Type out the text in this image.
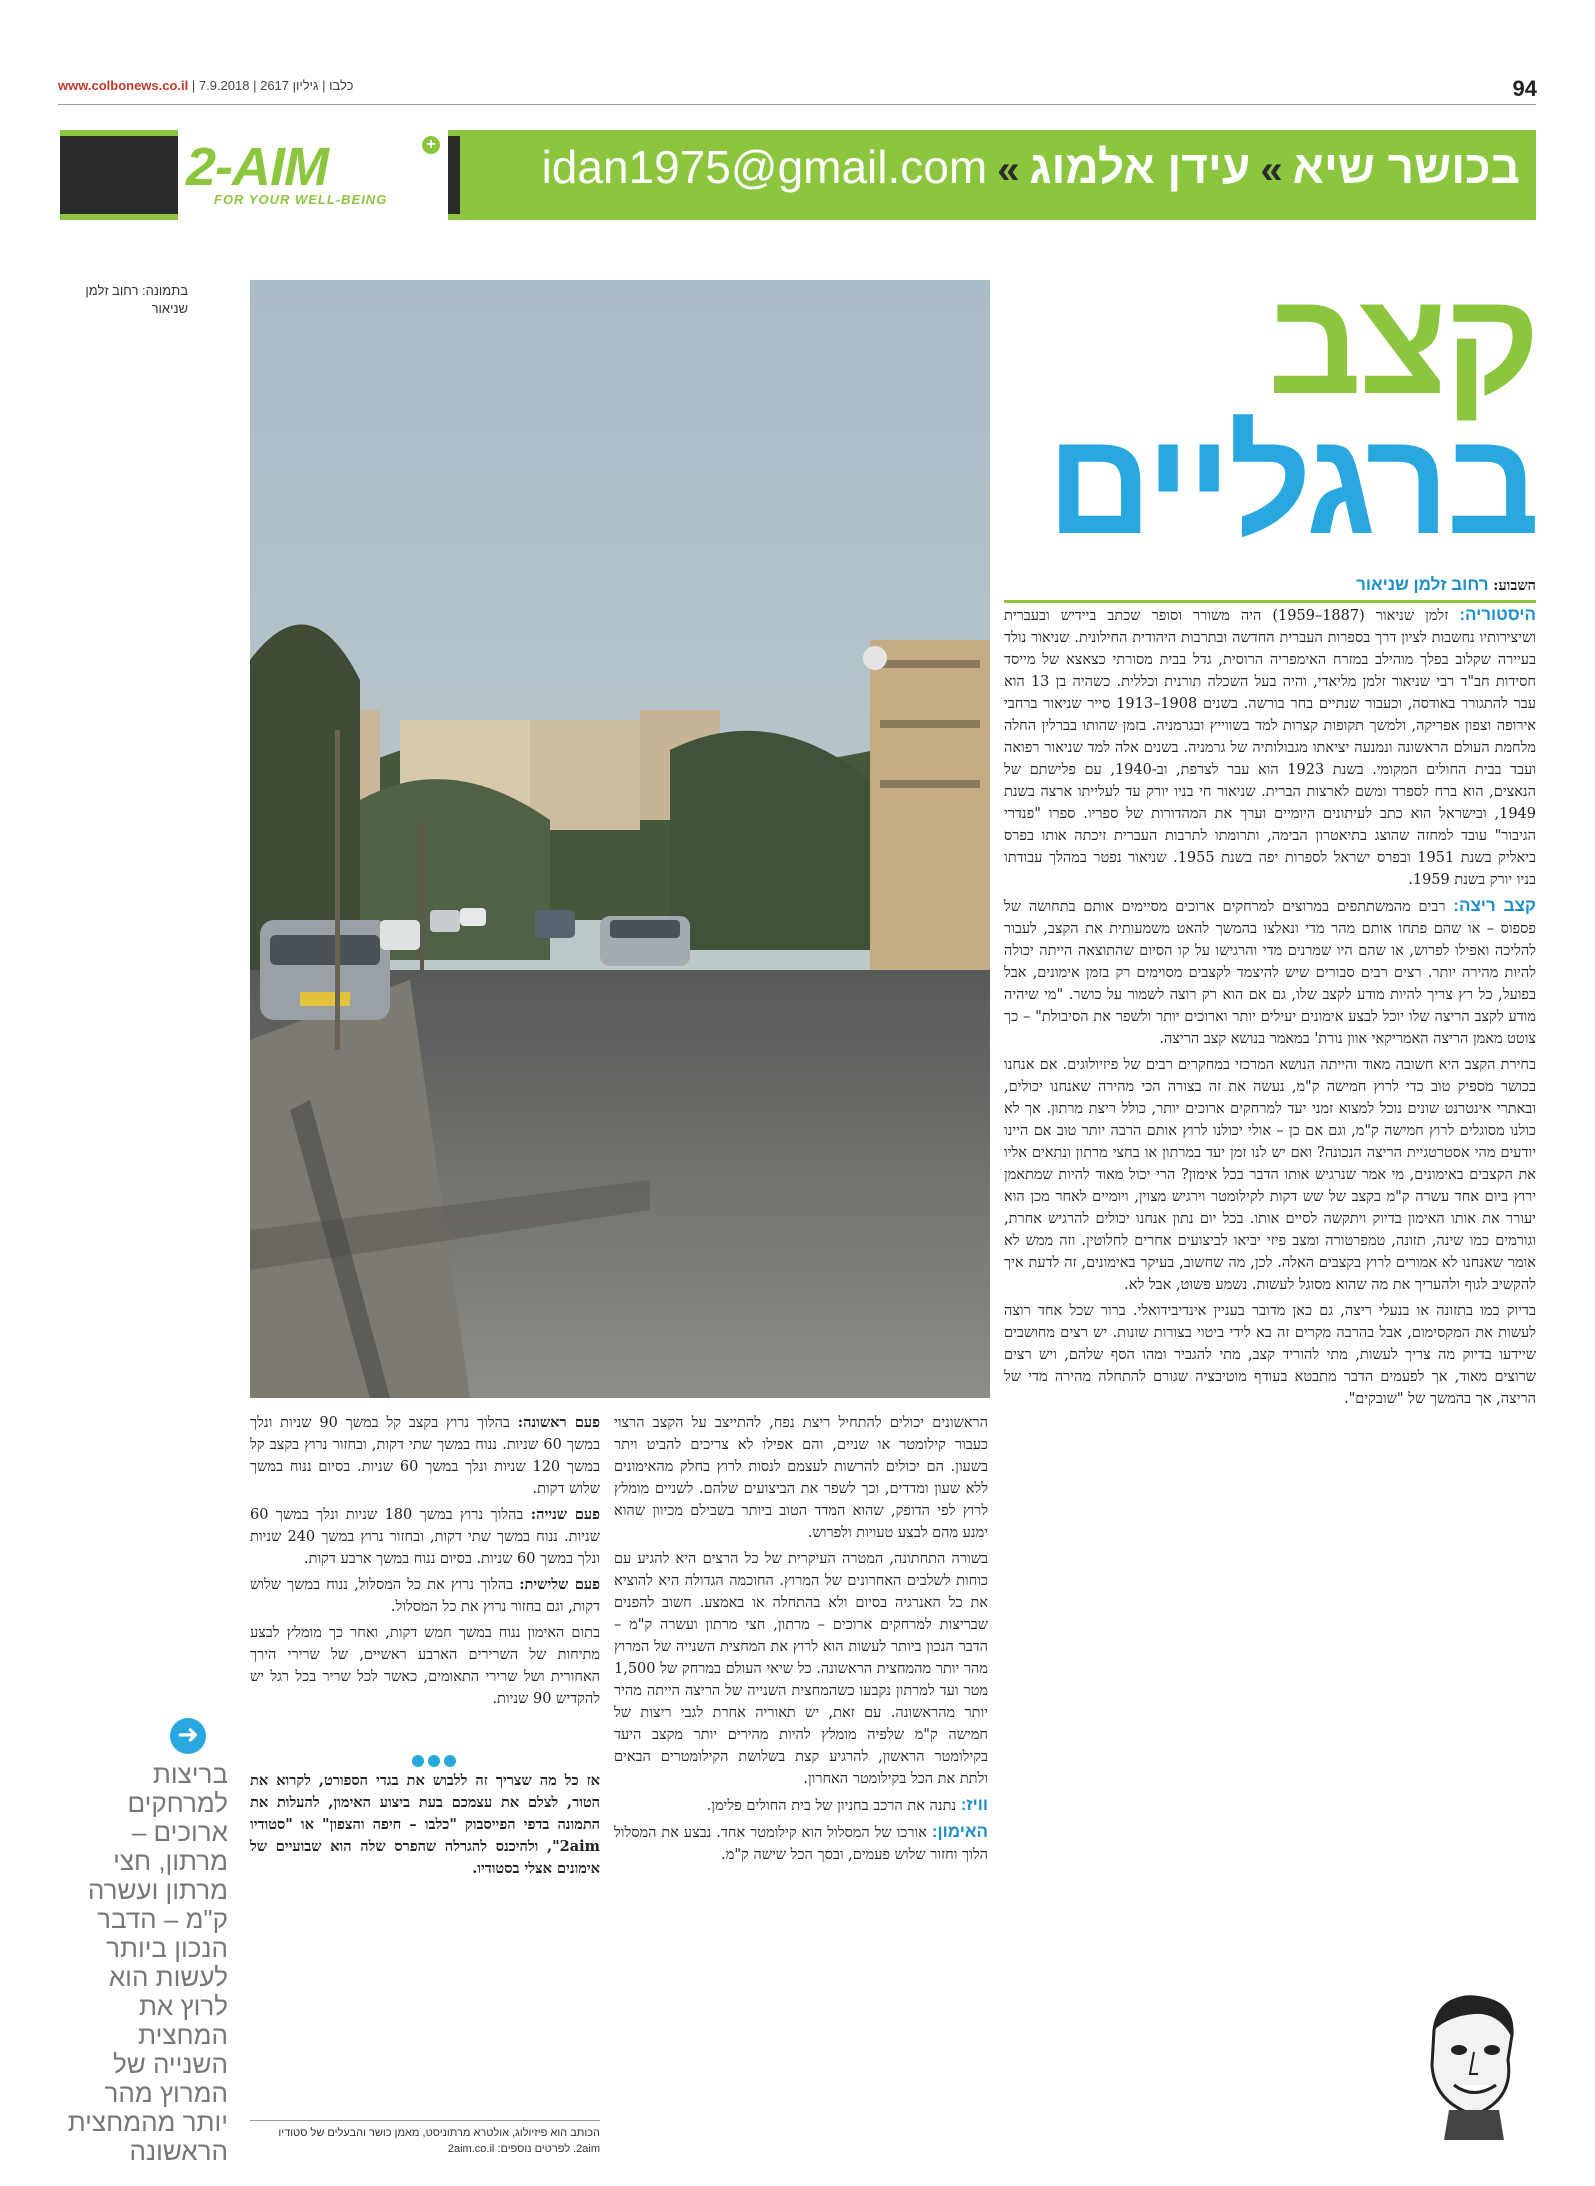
www.colbonews.co.il | כלבו | גיליון 2617 | 7.9.2018	94
2-AIM	+
FOR YOUR WELL-BEING
בכושר שיא»עידן אלמוג»idan1975@gmail.com
בתמונה: רחוב זלמן שניאור	קצב
ברגליים
השבוע: רחוב זלמן שניאור

היסטוריה: זלמן שניאור (1887–1959) היה משורר וסופר שכתב ביידיש ובעברית ושיצירותיו נחשבות לציון דרך בספרות העברית החדשה ובתרבות היהודית החילונית. שניאור נולד בעיירה שקלוב בפלך מוהילב במזרח האימפריה הרוסית, גדל בבית מסורתי כצאצא של מייסד חסידות חב"ד רבי שניאור זלמן מליאדי, והיה בעל השכלה תורנית וכללית. כשהיה בן 13 הוא עבר להתגורר באודסה, וכעבור שנתיים בחר בורשה. בשנים 1908–1913 סייר שניאור ברחבי אירופה וצפון אפריקה, ולמשך תקופות קצרות למד בשווייץ ובגרמניה. בזמן שהותו בברלין החלה מלחמת העולם הראשונה ונמנעה יציאתו מגבולותיה של גרמניה. בשנים אלה למד שניאור רפואה ועבד בבית החולים המקומי. בשנת 1923 הוא עבר לצרפת, וב-1940, עם פלישתם של הנאצים, הוא ברח לספרד ומשם לארצות הברית. שניאור חי בניו יורק עד לעלייתו ארצה בשנת 1949, ובישראל הוא כתב לעיתונים היומיים וערך את המהדורות של ספריו. ספרו "פנדרי הגיבור" עובד למחזה שהוצג בתיאטרון הבימה, ותרומתו לתרבות העברית זיכתה אותו בפרס ביאליק בשנת 1951 ובפרס ישראל לספרות יפה בשנת 1955. שניאור נפטר במהלך עבודתו בניו יורק בשנת 1959.

קצב ריצה: רבים מהמשתתפים במרוצים למרחקים ארוכים מסיימים אותם בתחושה של פספוס – או שהם פתחו אותם מהר מדי ונאלצו בהמשך להאט משמעותית את הקצב, לעבור להליכה ואפילו לפרוש, או שהם היו שמרנים מדי והרגישו על קו הסיום שהתוצאה הייתה יכולה להיות מהירה יותר. רצים רבים סבורים שיש להיצמד לקצבים מסוימים רק בזמן אימונים, אבל בפועל, כל רץ צריך להיות מודע לקצב שלו, גם אם הוא רק רוצה לשמור על כושר. "מי שיהיה מודע לקצב הריצה שלו יוכל לבצע אימונים יעילים יותר וארוכים יותר ולשפר את הסיבולת" – כך צוטט מאמן הריצה האמריקאי אוון נורת' במאמר בנושא קצב הריצה.

בחירת הקצב היא חשובה מאוד והייתה הנושא המרכזי במחקרים רבים של פיזיולוגים. אם אנחנו בכושר מספיק טוב כדי לרוץ חמישה ק"מ, נעשה את זה בצורה הכי מהירה שאנחנו יכולים, ובאתרי אינטרנט שונים נוכל למצוא זמני יעד למרחקים ארוכים יותר, כולל ריצת מרתון. אך לא כולנו מסוגלים לרוץ חמישה ק"מ, וגם אם כן – אולי יכולנו לרוץ אותם הרבה יותר טוב אם היינו יודעים מהי אסטרטגיית הריצה הנכונה? ואם יש לנו זמן יעד במרתון או בחצי מרתון ונתאים אליו את הקצבים באימונים, מי אמר שנרגיש אותו הדבר בכל אימון? הרי יכול מאוד להיות שמתאמן ירוץ ביום אחד עשרה ק"מ בקצב של שש דקות לקילומטר וירגיש מצוין, ויומיים לאחר מכן הוא יעורר את אותו האימון בדיוק ויתקשה לסיים אותו. בכל יום נתון אנחנו יכולים להרגיש אחרת, וגורמים כמו שינה, תזונה, טמפרטורה ומצב פיזי יביאו לביצועים אחרים לחלוטין. וזה ממש לא אומר שאנחנו לא אמורים לרוץ בקצבים האלה. לכן, מה שחשוב, בעיקר באימונים, זה לדעת איך להקשיב לגוף ולהעריך את מה שהוא מסוגל לעשות. נשמע פשוט, אבל לא.

בדיוק כמו בתזונה או בנעלי ריצה, גם כאן מדובר בעניין אינדיבידואלי. ברור שכל אחד רוצה לעשות את המקסימום, אבל בהרבה מקרים זה בא לידי ביטוי בצורות שונות. יש רצים מחושבים שיידעו בדיוק מה צריך לעשות, מתי להוריד קצב, מתי להגביר ומהו הסף שלהם, ויש רצים שרוצים מאוד, אך לפעמים הדבר מתבטא בעודף מוטיבציה שגורם להתחלה מהירה מדי של הריצה, אך בהמשך של "שובקים".

הראשונים יכולים להתחיל ריצת נפח, להתייצב על הקצב הרצוי כעבור קילומטר או שניים, והם אפילו לא צריכים להביט ויתר בשעון. הם יכולים להרשות לעצמם לנסות לרוץ בחלק מהאימונים ללא שעון ומדדים, וכך לשפר את הביצועים שלהם. לשניים מומלץ לרוץ לפי הדופק, שהוא המדד הטוב ביותר בשבילם מכיוון שהוא ימנע מהם לבצע טעויות ולפרוש.

בשורה התחתונה, המטרה העיקרית של כל הרצים היא להגיע עם כוחות לשלבים האחרונים של המרוץ. החוכמה הגדולה היא להוציא את כל האנרגיה בסיום ולא בהתחלה או באמצע. חשוב להפנים שבריצות למרחקים ארוכים – מרתון, חצי מרתון ועשרה ק"מ – הדבר הנכון ביותר לעשות הוא לרוץ את המחצית השנייה של המרוץ מהר יותר מהמחצית הראשונה. כל שיאי העולם במרחק של 1,500 מטר ועד למרתון נקבעו כשהמחצית השנייה של הריצה הייתה מהיר יותר מהראשונה. עם זאת, יש תאוריה אחרת לגבי ריצות של חמישה ק"מ שלפיה מומלץ להיות מהירים יותר מקצב היעד בקילומטר הראשון, להרגיע קצת בשלושת הקילומטרים הבאים ולתת את הכל בקילומטר האחרון.

וויז: נתנה את הרכב בחניון של בית החולים פלימן.

האימון: אורכו של המסלול הוא קילומטר אחד. נבצע את המסלול הלוך וחזור שלוש פעמים, ובסך הכל שישה ק"מ.

פעם ראשונה: בהלוך נרוץ בקצב קל במשך 90 שניות ונלך במשך 60 שניות. ננוח במשך שתי דקות, ובחזור נרוץ בקצב קל במשך 120 שניות ונלך במשך 60 שניות. בסיום ננוח במשך שלוש דקות.

פעם שנייה: בהלוך נרוץ במשך 180 שניות ונלך במשך 60 שניות. ננוח במשך שתי דקות, ובחזור נרוץ במשך 240 שניות ונלך במשך 60 שניות. בסיום ננוח במשך ארבע דקות.

פעם שלישית: בהלוך נרוץ את כל המסלול, ננוח במשך שלוש דקות, וגם בחזור נרוץ את כל המסלול.

בתום האימון ננוח במשך חמש דקות, ואחר כך מומלץ לבצע מתיחות של השרירים הארבע ראשיים, של שרירי הירך האחורית ושל שרירי התאומים, כאשר לכל שריר בכל רגל יש להקדיש 90 שניות.

אז כל מה שצריך זה ללבוש את בגדי הספורט, לקרוא את הטור, לצלם את עצמכם בעת ביצוע האימון, להעלות את התמונה בדפי הפייסבוק "כלבו – חיפה והצפון" או "סטודיו 2aim", ולהיכנס להגרלה שהפרס שלה הוא שבועיים של אימונים אצלי בסטודיו.

➜
בריצות למרחקים ארוכים – מרתון, חצי מרתון ועשרה ק"מ – הדבר הנכון ביותר לעשות הוא לרוץ את המחצית השנייה של המרוץ מהר יותר מהמחצית הראשונה
הכותב הוא פיזיולוג, אולטרא מרתוניסט, מאמן כושר והבעלים של סטודיו 2aim. לפרטים נוספים: 2aim.co.il
